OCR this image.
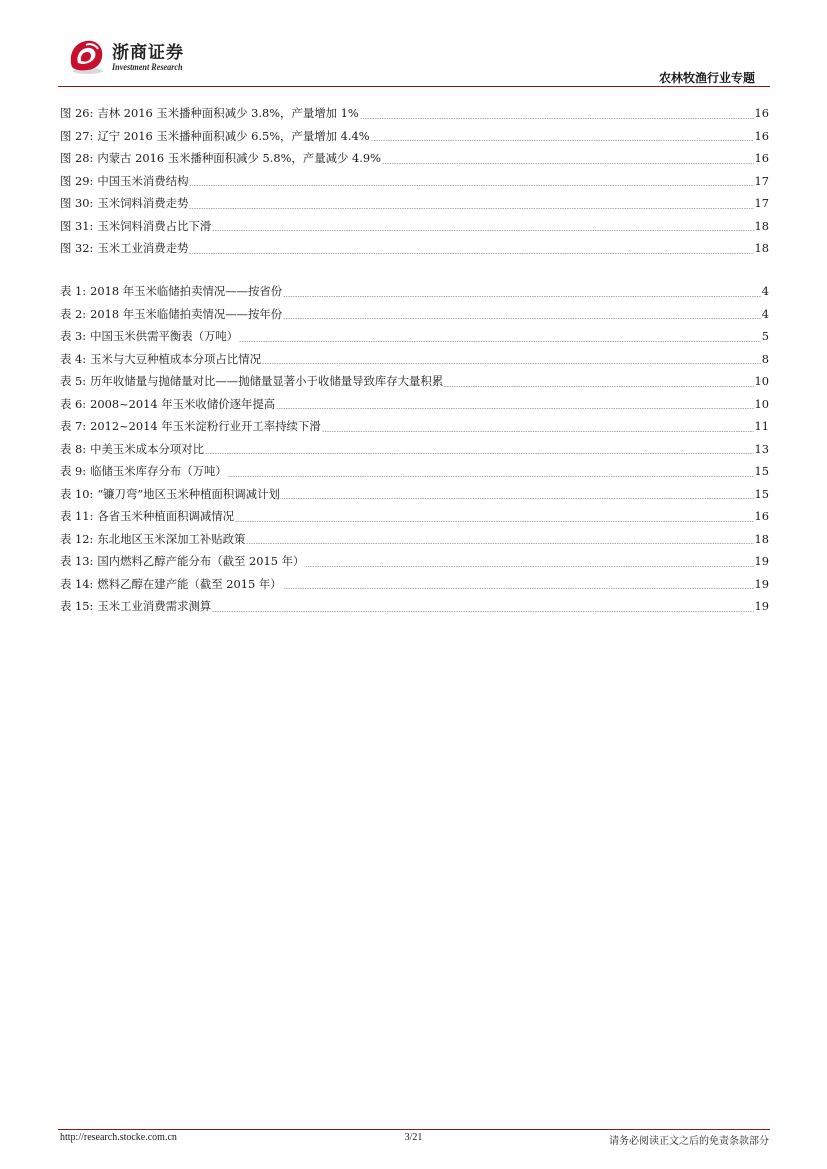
浙商证券
Investment Research
农林牧渔行业专题
图 26: 吉林 2016 玉米播种面积减少 3.8%，产量增加 1%	16
图 27: 辽宁 2016 玉米播种面积减少 6.5%，产量增加 4.4%	16
图 28: 内蒙古 2016 玉米播种面积减少 5.8%，产量减少 4.9%	16
图 29: 中国玉米消费结构	17
图 30: 玉米饲料消费走势	17
图 31: 玉米饲料消费占比下滑	18
图 32: 玉米工业消费走势	18
表 1: 2018 年玉米临储拍卖情况——按省份	4
表 2: 2018 年玉米临储拍卖情况——按年份	4
表 3: 中国玉米供需平衡表（万吨）	5
表 4: 玉米与大豆种植成本分项占比情况	8
表 5: 历年收储量与抛储量对比——抛储量显著小于收储量导致库存大量积累	10
表 6: 2008~2014 年玉米收储价逐年提高	10
表 7: 2012~2014 年玉米淀粉行业开工率持续下滑	11
表 8: 中美玉米成本分项对比	13
表 9: 临储玉米库存分布（万吨）	15
表 10: “镰刀弯”地区玉米种植面积调减计划	15
表 11: 各省玉米种植面积调减情况	16
表 12: 东北地区玉米深加工补贴政策	18
表 13: 国内燃料乙醇产能分布（截至 2015 年）	19
表 14: 燃料乙醇在建产能（截至 2015 年）	19
表 15: 玉米工业消费需求测算	19
http://research.stocke.com.cn	3/21	请务必阅读正文之后的免责条款部分
